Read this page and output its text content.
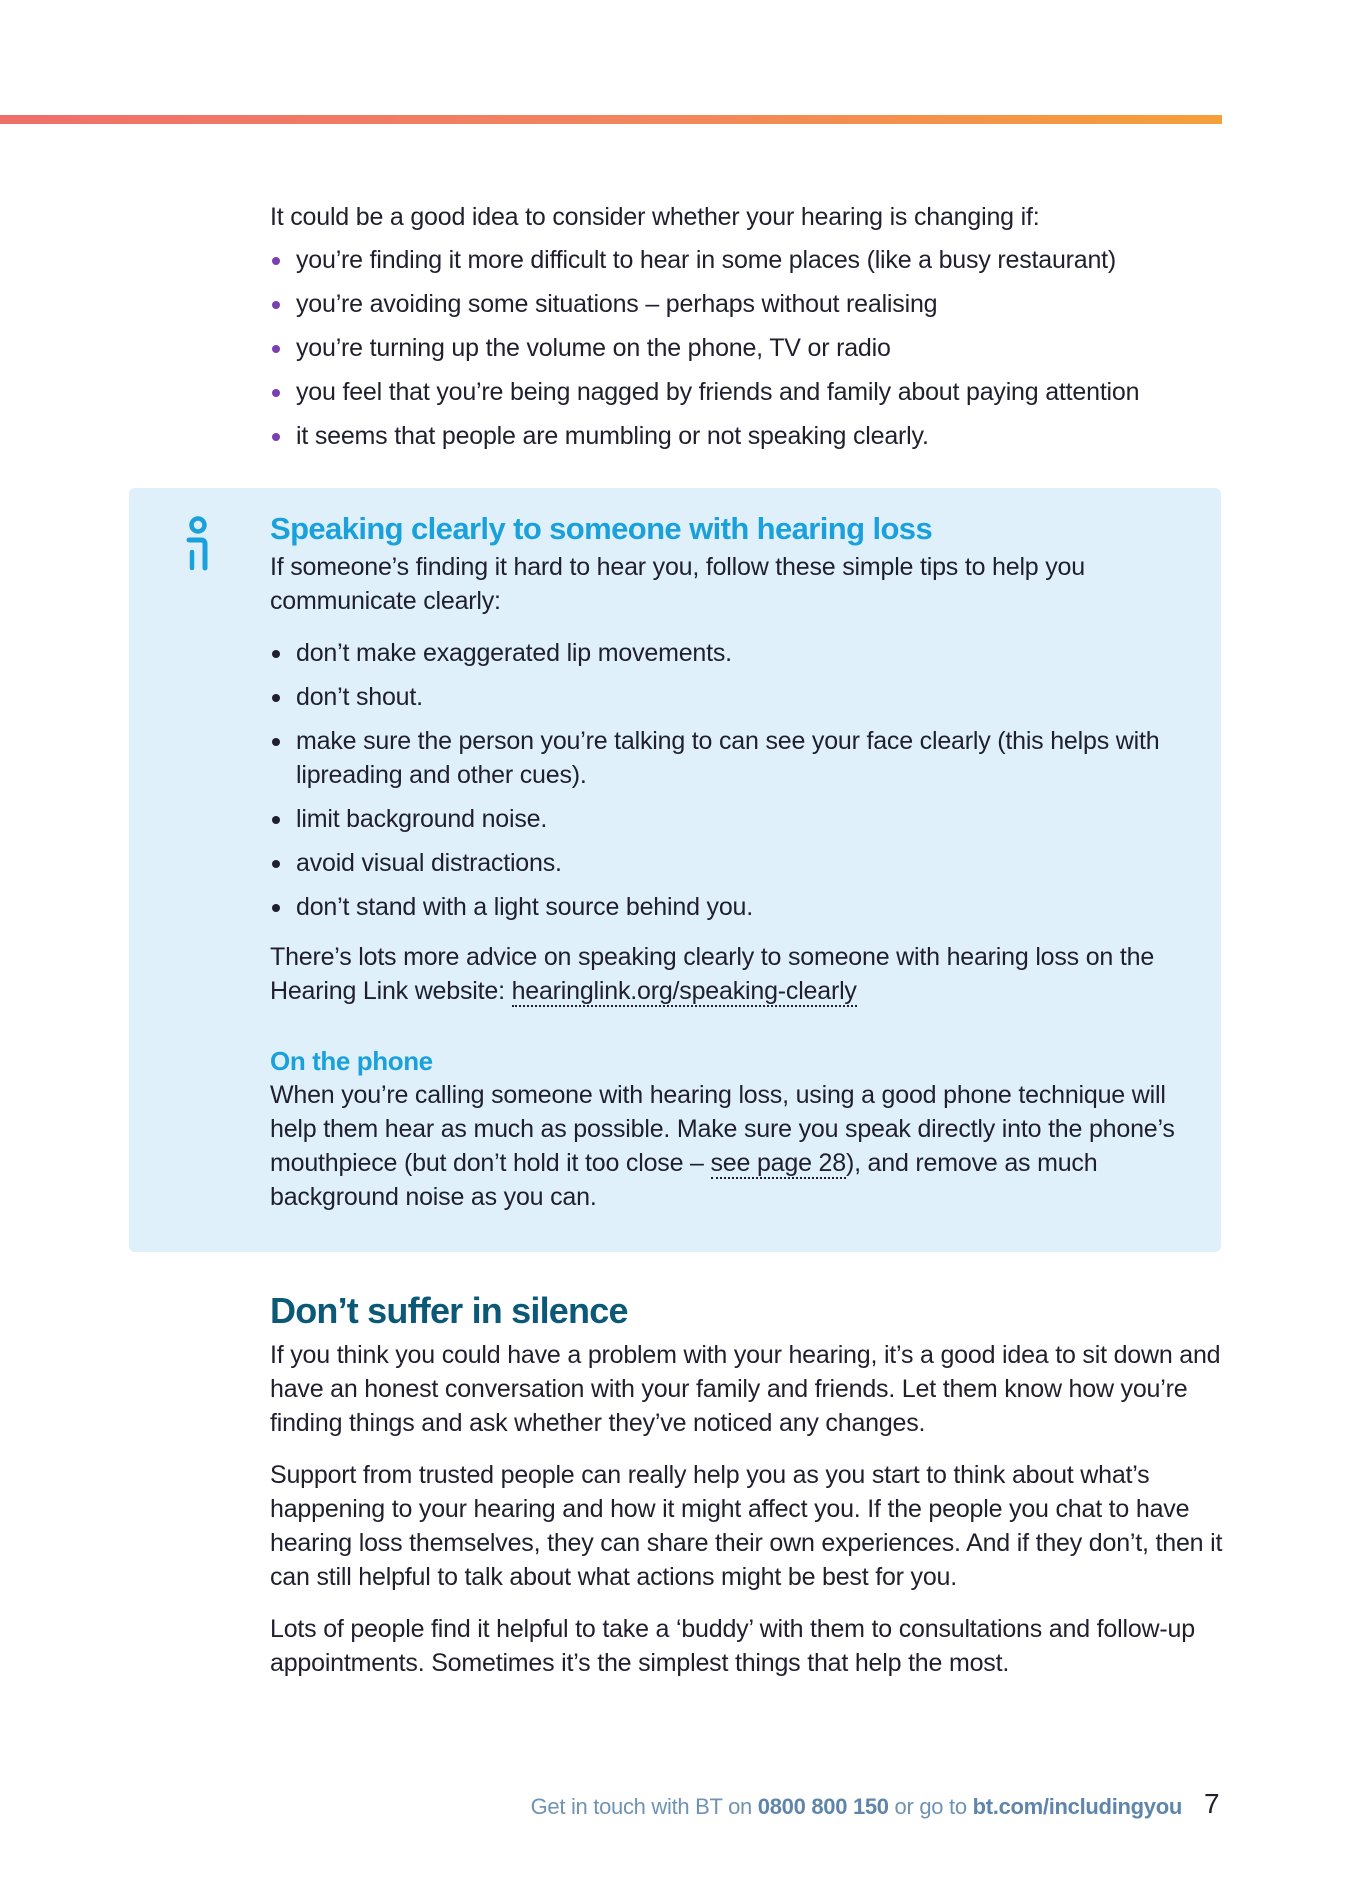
It could be a good idea to consider whether your hearing is changing if:

you’re finding it more difficult to hear in some places (like a busy restaurant)
you’re avoiding some situations – perhaps without realising
you’re turning up the volume on the phone, TV or radio
you feel that you’re being nagged by friends and family about paying attention
it seems that people are mumbling or not speaking clearly.
Speaking clearly to someone with hearing loss

If someone’s finding it hard to hear you, follow these simple tips to help you communicate clearly:

don’t make exaggerated lip movements.
don’t shout.
make sure the person you’re talking to can see your face clearly (this helps with lipreading and other cues).
limit background noise.
avoid visual distractions.
don’t stand with a light source behind you.

There’s lots more advice on speaking clearly to someone with hearing loss on the Hearing Link website: hearinglink.org/speaking-clearly

On the phone

When you’re calling someone with hearing loss, using a good phone technique will help them hear as much as possible. Make sure you speak directly into the phone’s mouthpiece (but don’t hold it too close – see page 28), and remove as much background noise as you can.

Don’t suffer in silence

If you think you could have a problem with your hearing, it’s a good idea to sit down and have an honest conversation with your family and friends. Let them know how you’re finding things and ask whether they’ve noticed any changes.

Support from trusted people can really help you as you start to think about what’s happening to your hearing and how it might affect you. If the people you chat to have hearing loss themselves, they can share their own experiences. And if they don’t, then it can still helpful to talk about what actions might be best for you.

Lots of people find it helpful to take a ‘buddy’ with them to consultations and follow-up appointments. Sometimes it’s the simplest things that help the most.

Get in touch with BT on 0800 800 150 or go to bt.com/includingyou 7
